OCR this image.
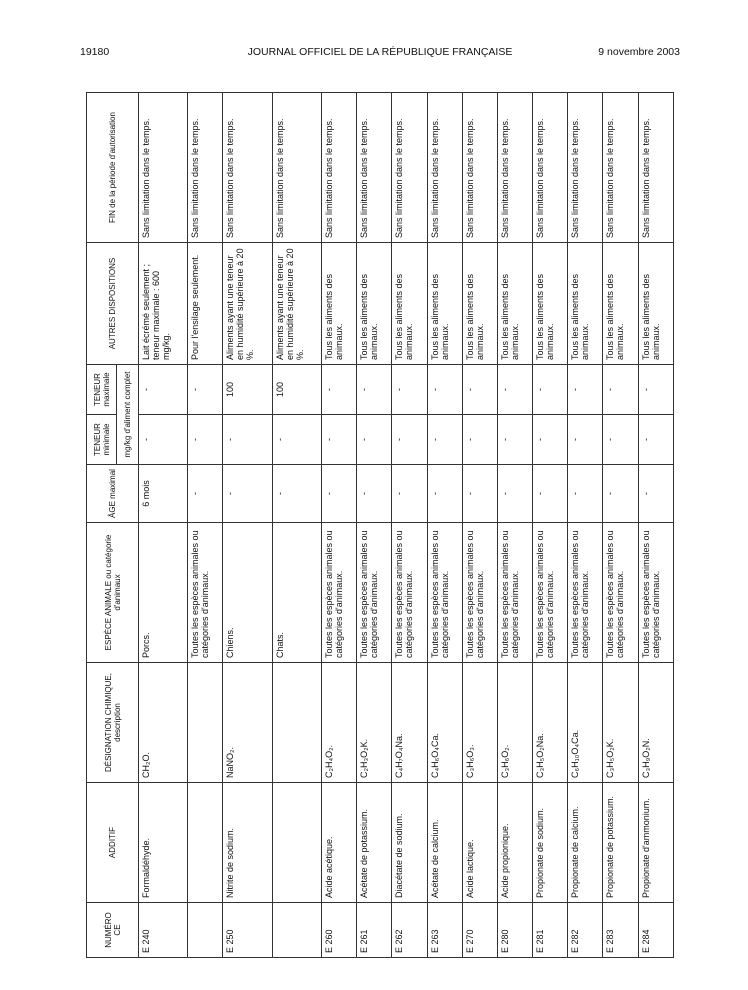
19180	JOURNAL OFFICIEL DE LA RÉPUBLIQUE FRANÇAISE	9 novembre 2003
NUMÉRO CE	ADDITIF	DÉSIGNATION CHIMIQUE, description	ESPÈCE ANIMALE ou catégorie d'animaux	ÂGE maximal	TENEUR minimale	TENEUR maximale	AUTRES DISPOSITIONS	FIN de la période d'autorisation
					mg/kg d'aliment complet			
E 240	Formaldéhyde.	CH₂O.	Porcs.	6 mois	-	-	Lait écrémé seulement ; teneur maximale : 600 mg/kg.	Sans limitation dans le temps.
			Toutes les espèces animales ou catégories d'animaux.	-	-	-	Pour l'ensilage seulement.	Sans limitation dans le temps.
E 250	Nitrite de sodium.	NaNO₂.	Chiens.	-	-	100	Aliments ayant une teneur en humidité supérieure à 20 %.	Sans limitation dans le temps.
			Chats.	-	-	100	Aliments ayant une teneur en humidité supérieure à 20 %.	Sans limitation dans le temps.
E 260	Acide acétique.	C₂H₄O₂.	Toutes les espèces animales ou catégories d'animaux.	-	-	-	Tous les aliments des animaux.	Sans limitation dans le temps.
E 261	Acétate de potassium.	C₂H₃O₂K.	Toutes les espèces animales ou catégories d'animaux.	-	-	-	Tous les aliments des animaux.	Sans limitation dans le temps.
E 262	Diacétate de sodium.	C₄H₇O₄Na.	Toutes les espèces animales ou catégories d'animaux.	-	-	-	Tous les aliments des animaux.	Sans limitation dans le temps.
E 263	Acétate de calcium.	C₄H₆O₄Ca.	Toutes les espèces animales ou catégories d'animaux.	-	-	-	Tous les aliments des animaux.	Sans limitation dans le temps.
E 270	Acide lactique.	C₃H₆O₃.	Toutes les espèces animales ou catégories d'animaux.	-	-	-	Tous les aliments des animaux.	Sans limitation dans le temps.
E 280	Acide propionique.	C₃H₆O₂.	Toutes les espèces animales ou catégories d'animaux.	-	-	-	Tous les aliments des animaux.	Sans limitation dans le temps.
E 281	Propionate de sodium.	C₃H₅O₂Na.	Toutes les espèces animales ou catégories d'animaux.	-	-	-	Tous les aliments des animaux.	Sans limitation dans le temps.
E 282	Propionate de calcium.	C₆H₁₀O₄Ca.	Toutes les espèces animales ou catégories d'animaux.	-	-	-	Tous les aliments des animaux.	Sans limitation dans le temps.
E 283	Propionate de potassium.	C₃H₅O₂K.	Toutes les espèces animales ou catégories d'animaux.	-	-	-	Tous les aliments des animaux.	Sans limitation dans le temps.
E 284	Propionate d'ammonium.	C₃H₉O₂N.	Toutes les espèces animales ou catégories d'animaux.	-	-	-	Tous les aliments des animaux.	Sans limitation dans le temps.
